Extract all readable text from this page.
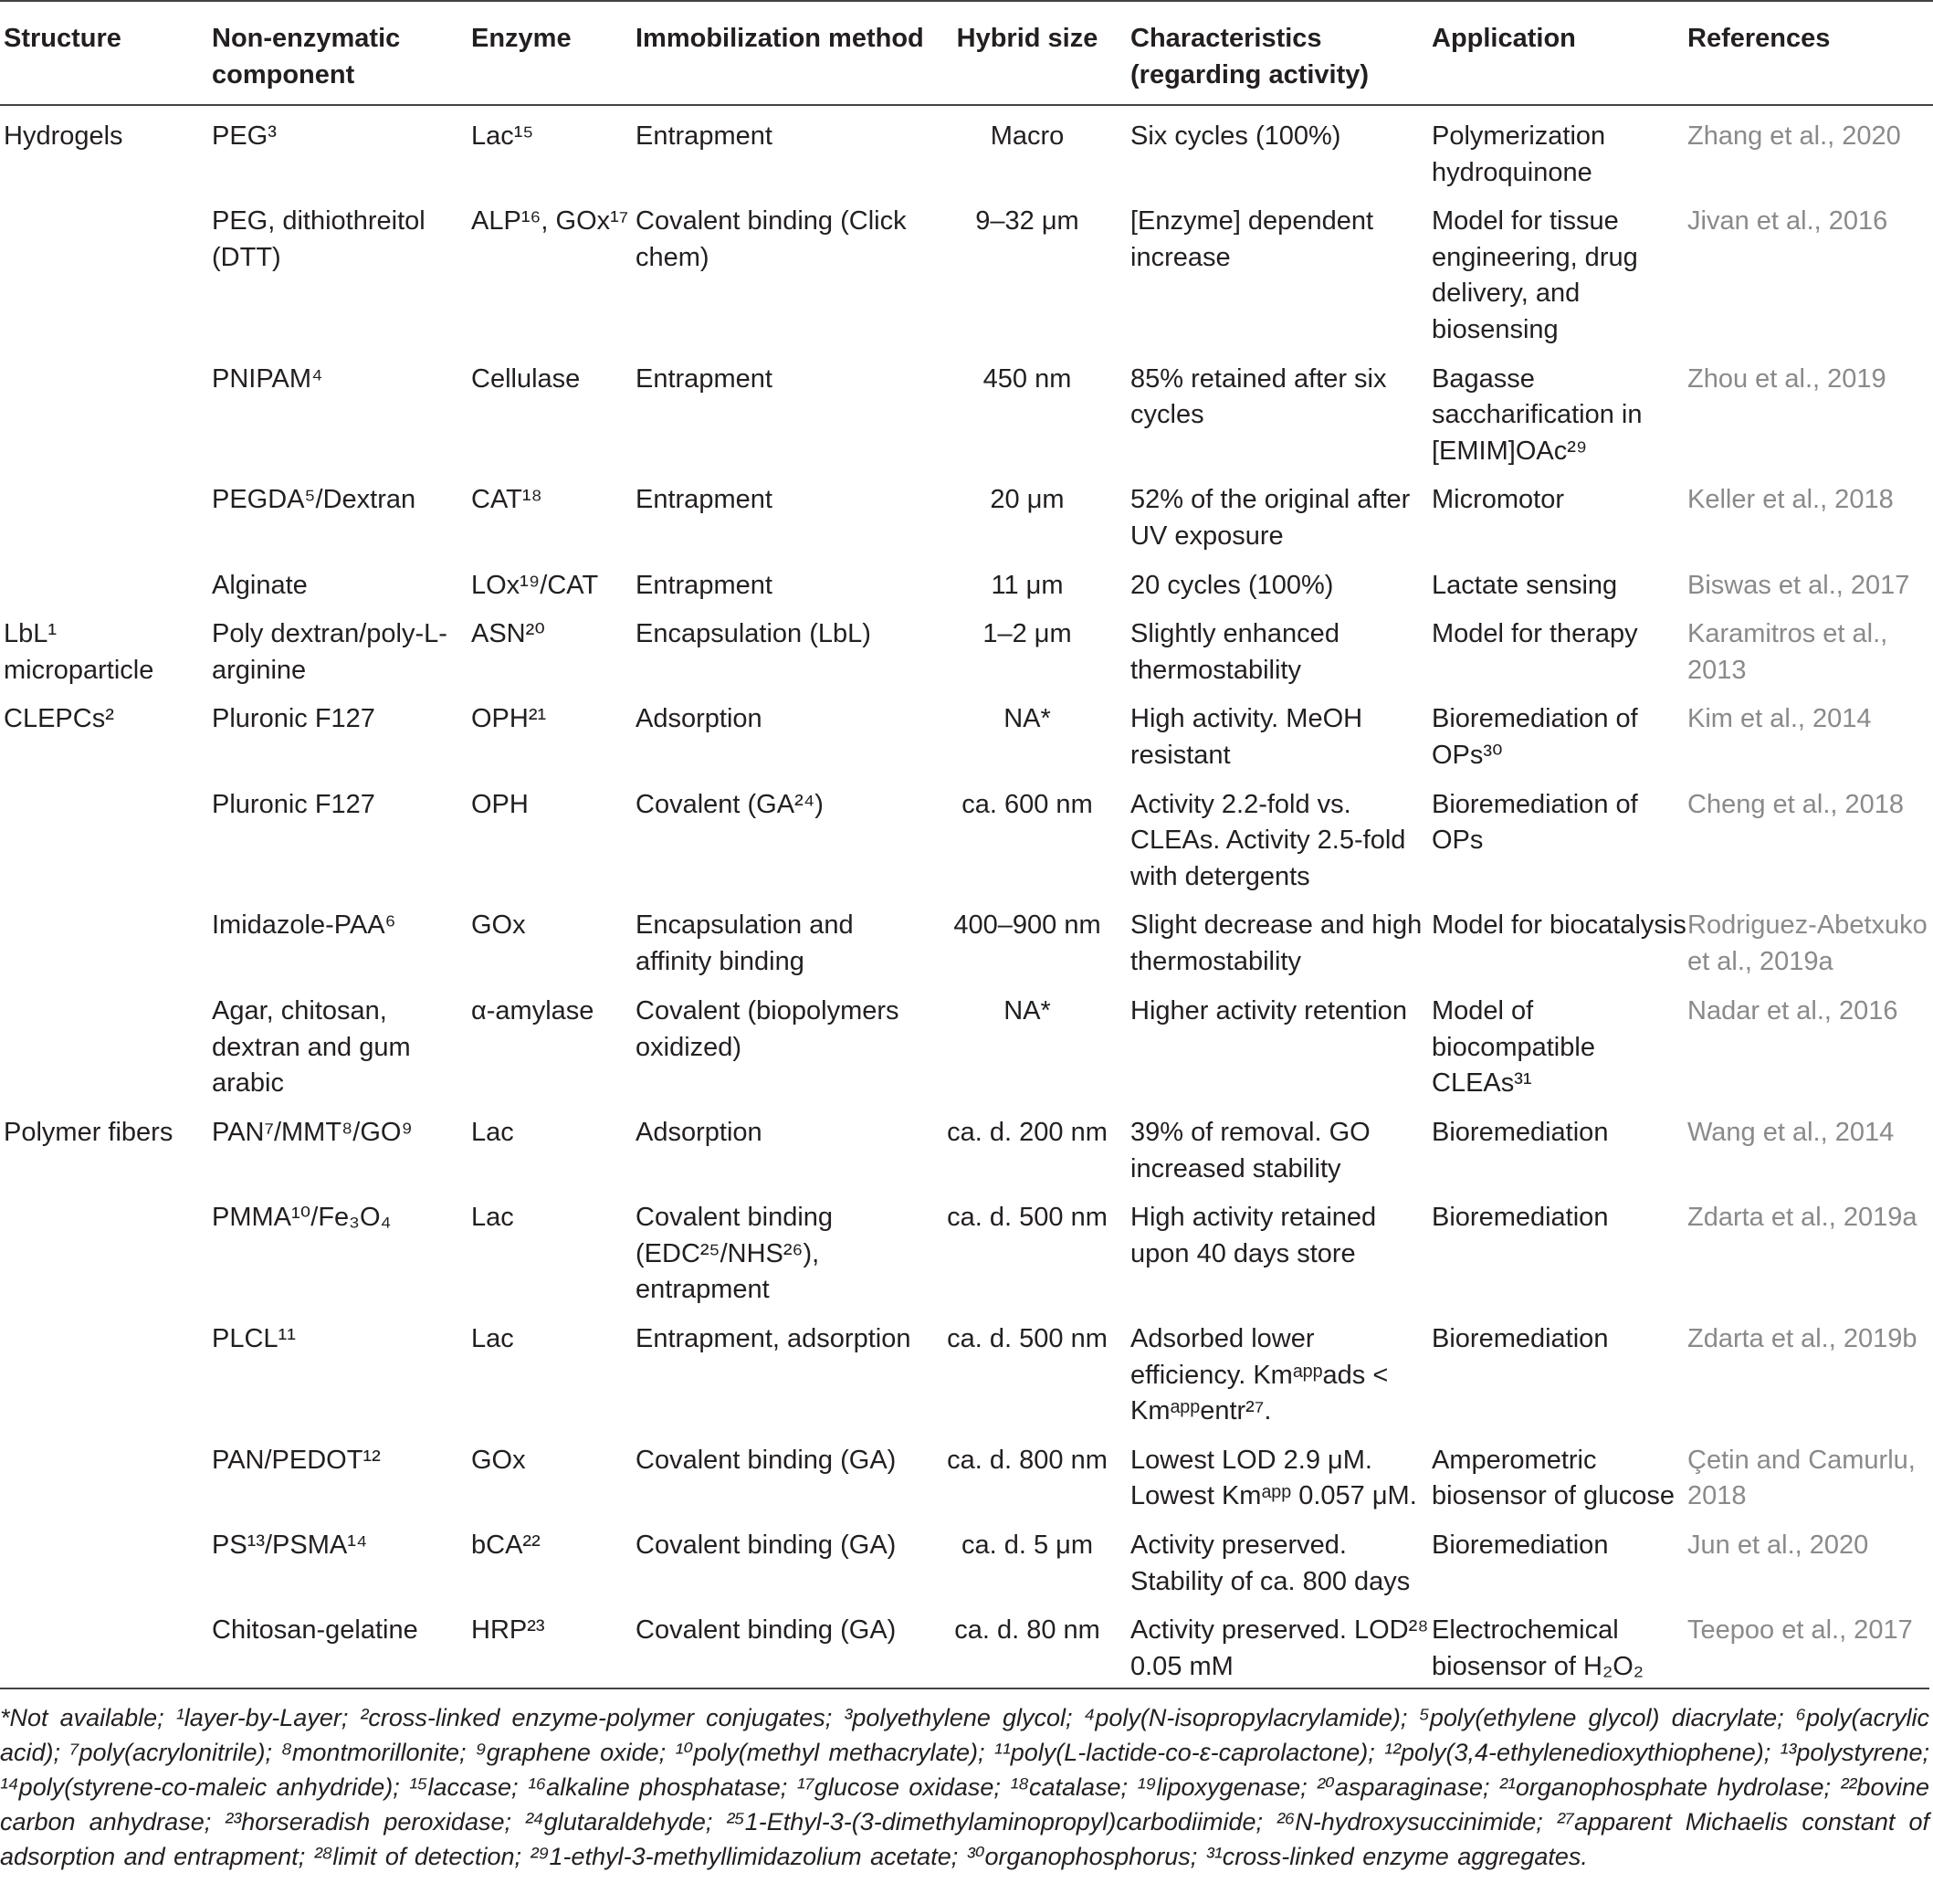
Structure	Non-enzymatic component	Enzyme	Immobilization method	Hybrid size	Characteristics (regarding activity)	Application	References
Hydrogels	PEG³	Lac¹⁵	Entrapment	Macro	Six cycles (100%)	Polymerization hydroquinone	Zhang et al., 2020
	PEG, dithiothreitol (DTT)	ALP¹⁶, GOx¹⁷	Covalent binding (Click chem)	9–32 μm	[Enzyme] dependent increase	Model for tissue engineering, drug delivery, and biosensing	Jivan et al., 2016
	PNIPAM⁴	Cellulase	Entrapment	450 nm	85% retained after six cycles	Bagasse saccharification in [EMIM]OAc²⁹	Zhou et al., 2019
	PEGDA⁵/Dextran	CAT¹⁸	Entrapment	20 μm	52% of the original after UV exposure	Micromotor	Keller et al., 2018
	Alginate	LOx¹⁹/CAT	Entrapment	11 μm	20 cycles (100%)	Lactate sensing	Biswas et al., 2017
LbL¹ microparticle	Poly dextran/poly-L-arginine	ASN²⁰	Encapsulation (LbL)	1–2 μm	Slightly enhanced thermostability	Model for therapy	Karamitros et al., 2013
CLEPCs²	Pluronic F127	OPH²¹	Adsorption	NA*	High activity. MeOH resistant	Bioremediation of OPs³⁰	Kim et al., 2014
	Pluronic F127	OPH	Covalent (GA²⁴)	ca. 600 nm	Activity 2.2-fold vs. CLEAs. Activity 2.5-fold with detergents	Bioremediation of OPs	Cheng et al., 2018
	Imidazole-PAA⁶	GOx	Encapsulation and affinity binding	400–900 nm	Slight decrease and high thermostability	Model for biocatalysis	Rodriguez-Abetxuko et al., 2019a
	Agar, chitosan, dextran and gum arabic	α-amylase	Covalent (biopolymers oxidized)	NA*	Higher activity retention	Model of biocompatible CLEAs³¹	Nadar et al., 2016
Polymer fibers	PAN⁷/MMT⁸/GO⁹	Lac	Adsorption	ca. d. 200 nm	39% of removal. GO increased stability	Bioremediation	Wang et al., 2014
	PMMA¹⁰/Fe₃O₄	Lac	Covalent binding (EDC²⁵/NHS²⁶), entrapment	ca. d. 500 nm	High activity retained upon 40 days store	Bioremediation	Zdarta et al., 2019a
	PLCL¹¹	Lac	Entrapment, adsorption	ca. d. 500 nm	Adsorbed lower efficiency. Kmᵃᵖᵖads < Kmᵃᵖᵖentr²⁷.	Bioremediation	Zdarta et al., 2019b
	PAN/PEDOT¹²	GOx	Covalent binding (GA)	ca. d. 800 nm	Lowest LOD 2.9 μM. Lowest Kmᵃᵖᵖ 0.057 μM.	Amperometric biosensor of glucose	Çetin and Camurlu, 2018
	PS¹³/PSMA¹⁴	bCA²²	Covalent binding (GA)	ca. d. 5 μm	Activity preserved. Stability of ca. 800 days	Bioremediation	Jun et al., 2020
	Chitosan-gelatine	HRP²³	Covalent binding (GA)	ca. d. 80 nm	Activity preserved. LOD²⁸ 0.05 mM	Electrochemical biosensor of H₂O₂	Teepoo et al., 2017
*Not available; ¹layer-by-Layer; ²cross-linked enzyme-polymer conjugates; ³polyethylene glycol; ⁴poly(N-isopropylacrylamide); ⁵poly(ethylene glycol) diacrylate; ⁶poly(acrylic acid); ⁷poly(acrylonitrile); ⁸montmorillonite; ⁹graphene oxide; ¹⁰poly(methyl methacrylate); ¹¹poly(L-lactide-co-ε-caprolactone); ¹²poly(3,4-ethylenedioxythiophene); ¹³polystyrene; ¹⁴poly(styrene-co-maleic anhydride); ¹⁵laccase; ¹⁶alkaline phosphatase; ¹⁷glucose oxidase; ¹⁸catalase; ¹⁹lipoxygenase; ²⁰asparaginase; ²¹organophosphate hydrolase; ²²bovine carbon anhydrase; ²³horseradish peroxidase; ²⁴glutaraldehyde; ²⁵1-Ethyl-3-(3-dimethylaminopropyl)carbodiimide; ²⁶N-hydroxysuccinimide; ²⁷apparent Michaelis constant of adsorption and entrapment; ²⁸limit of detection; ²⁹1-ethyl-3-methyllimidazolium acetate; ³⁰organophosphorus; ³¹cross-linked enzyme aggregates.
